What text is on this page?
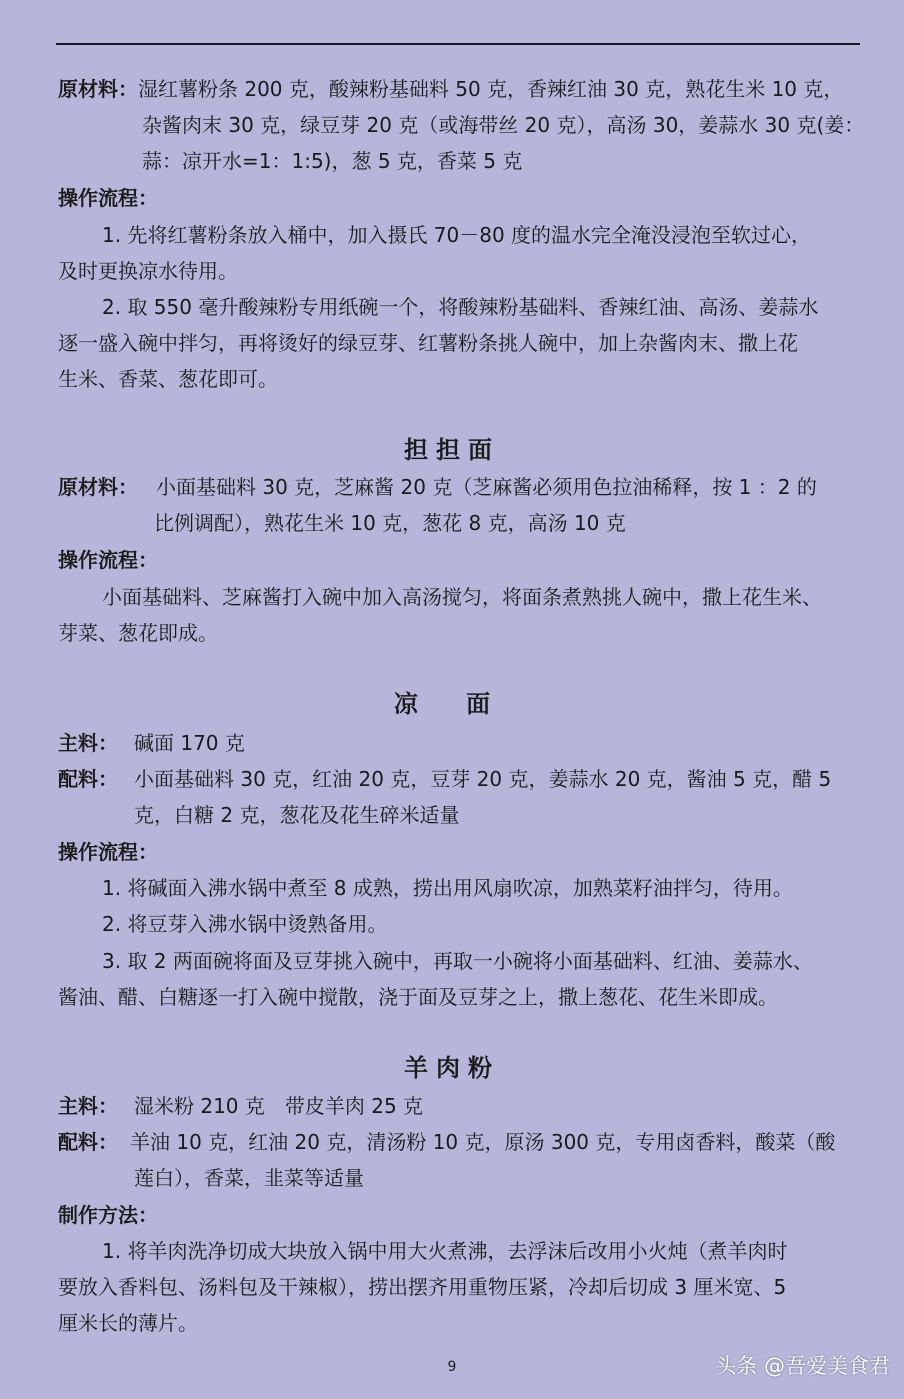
原材料：湿红薯粉条 200 克，酸辣粉基础料 50 克，香辣红油 30 克，熟花生米 10 克，
杂酱肉末 30 克，绿豆芽 20 克（或海带丝 20 克），高汤 30，姜蒜水 30 克(姜：
蒜：凉开水=1：1:5)，葱 5 克，香菜 5 克
操作流程：
1. 先将红薯粉条放入桶中，加入摄氏 70－80 度的温水完全淹没浸泡至软过心，
及时更换凉水待用。
2. 取 550 毫升酸辣粉专用纸碗一个，将酸辣粉基础料、香辣红油、高汤、姜蒜水
逐一盛入碗中拌匀，再将烫好的绿豆芽、红薯粉条挑人碗中，加上杂酱肉末、撒上花
生米、香菜、葱花即可。
担担面
原材料： 小面基础料 30 克，芝麻酱 20 克（芝麻酱必须用色拉油稀释，按 1 ：2 的
比例调配），熟花生米 10 克，葱花 8 克，高汤 10 克
操作流程：
小面基础料、芝麻酱打入碗中加入高汤搅匀，将面条煮熟挑人碗中，撒上花生米、
芽菜、葱花即成。
凉 面
主料： 碱面 170 克
配料： 小面基础料 30 克，红油 20 克，豆芽 20 克，姜蒜水 20 克，酱油 5 克，醋 5
克，白糖 2 克，葱花及花生碎米适量
操作流程：
1. 将碱面入沸水锅中煮至 8 成熟，捞出用风扇吹凉，加熟菜籽油拌匀，待用。
2. 将豆芽入沸水锅中烫熟备用。
3. 取 2 两面碗将面及豆芽挑入碗中，再取一小碗将小面基础料、红油、姜蒜水、
酱油、醋、白糖逐一打入碗中搅散，浇于面及豆芽之上，撒上葱花、花生米即成。
羊肉粉
主料： 湿米粉 210 克　带皮羊肉 25 克
配料： 羊油 10 克，红油 20 克，清汤粉 10 克，原汤 300 克，专用卤香料，酸菜（酸
莲白），香菜，韭菜等适量
制作方法：
1. 将羊肉洗净切成大块放入锅中用大火煮沸，去浮沫后改用小火炖（煮羊肉时
要放入香料包、汤料包及干辣椒），捞出摆齐用重物压紧，冷却后切成 3 厘米宽、5
厘米长的薄片。
9	头条 @吾爱美食君
